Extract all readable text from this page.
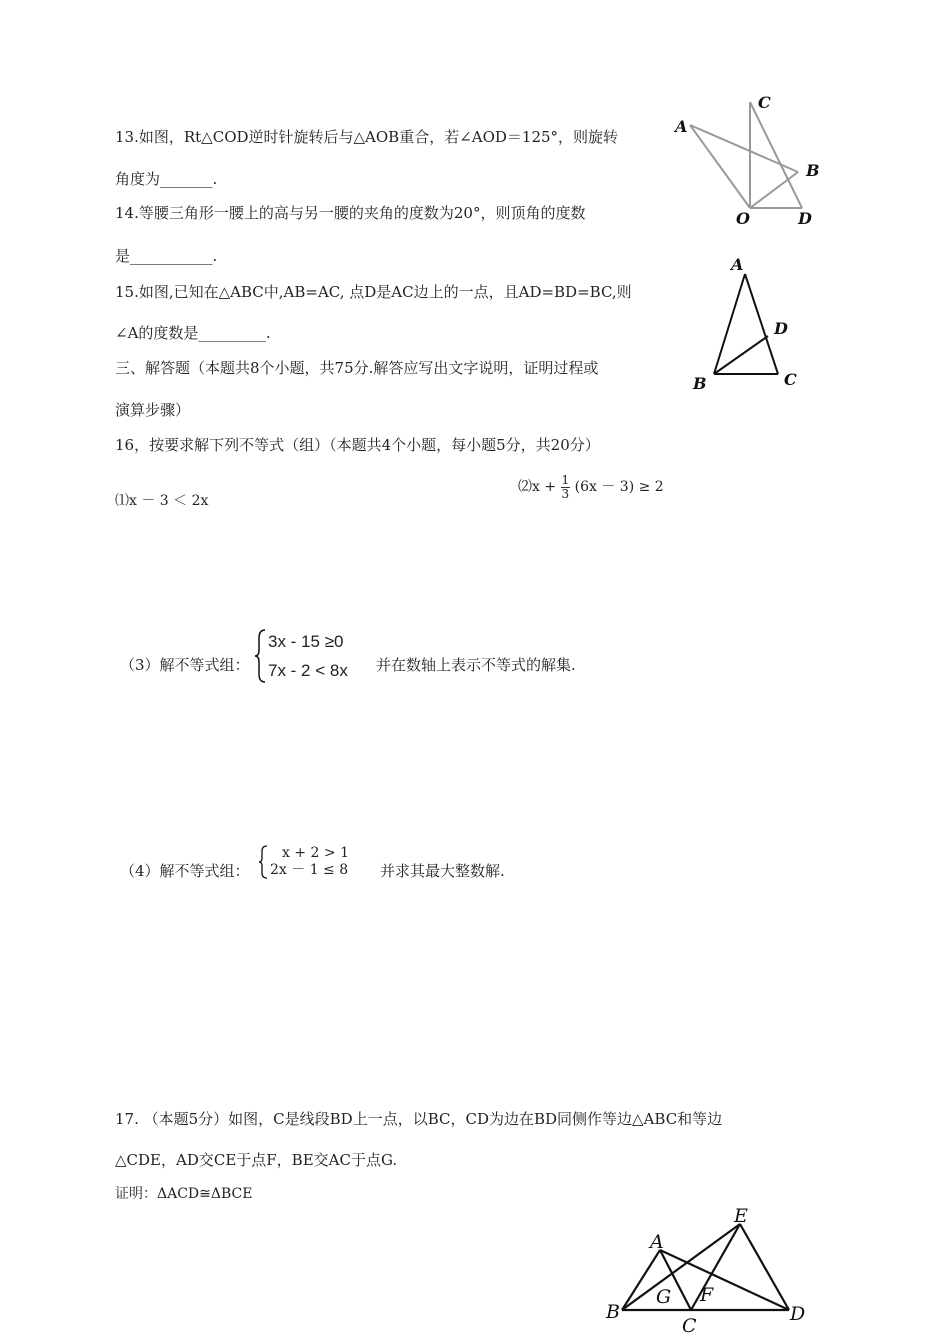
13.如图，Rt△COD逆时针旋转后与△AOB重合，若∠AOD＝125°，则旋转
角度为_______.
C
A
B
O	D
14.等腰三角形一腰上的高与另一腰的夹角的度数为20°，则顶角的度数
是___________.
15.如图,已知在△ABC中,AB=AC, 点D是AC边上的一点，且AD=BD=BC,则
∠A的度数是_________.
A
D
B	C
三、解答题（本题共8个小题，共75分.解答应写出文字说明，证明过程或
演算步骤）
16，按要求解下列不等式（组）（本题共4个小题，每小题5分，共20分）
⑴x － 3 ＜ 2x
⑵x + $\frac{1}{3} (6x - 3) \ge 2$
（3）解不等式组：
3x - 15 ≥0
7x - 2 < 8x 并在数轴上表示不等式的解集.
（4）解不等式组：
x + 2 > 1
2x － 1 ≤ 8 并求其最大整数解.
17. （本题5分）如图，C是线段BD上一点，以BC，CD为边在BD同侧作等边△ABC和等边
△CDE，AD交CE于点F，BE交AC于点G.
证明：ΔACD≅ΔBCE
E
A
G F
B
C
D
